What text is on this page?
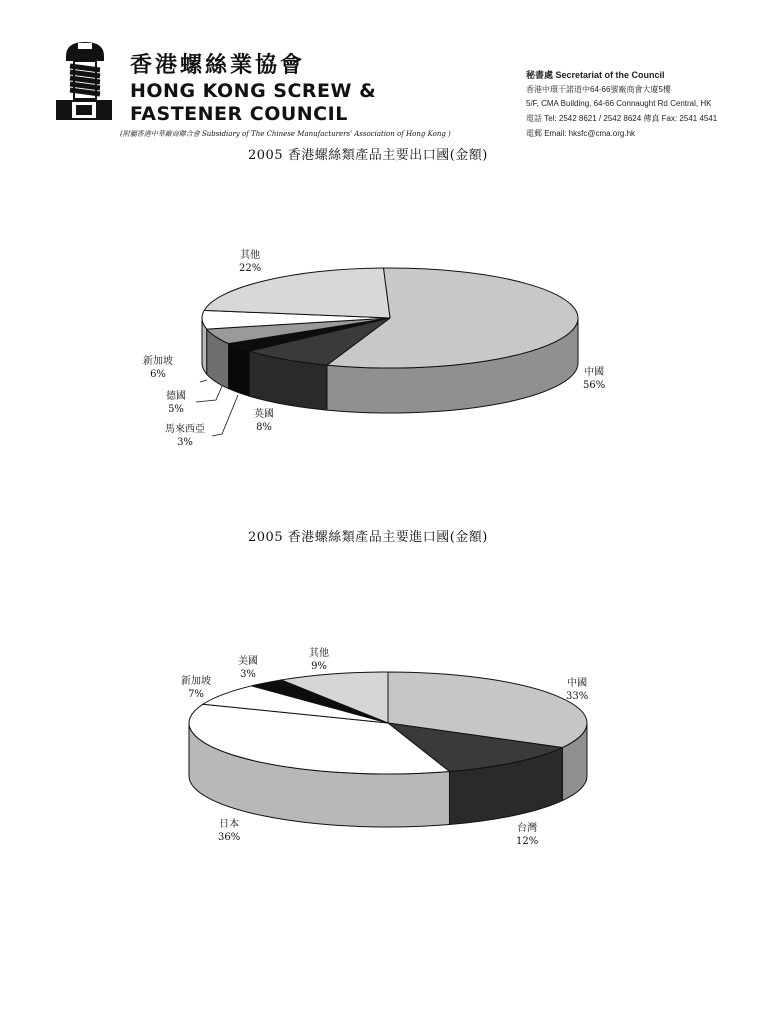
香港螺絲業協會
HONG KONG SCREW &
FASTENER COUNCIL
(附屬香港中華廠商聯合會 Subsidiary of The Chinese Manufacturers' Association of Hong Kong )
秘書處 Secretariat of the Council
香港中環干諾道中64-66號廠商會大廈5樓
5/F, CMA Building, 64-66 Connaught Rd Central, HK
電話 Tel: 2542 8621 / 2542 8624 傳真 Fax: 2541 4541
電郵 Email: hksfc@cma.org.hk
2005 香港螺絲類產品主要出口國(金額)
2005 香港螺絲類產品主要進口國(金額)
其他
22%
中國
56%
英國
8%
馬來西亞
3%
德國
5%
新加坡
6%
中國
33%
台灣
12%
日本
36%
新加坡
7%
美國
3%
其他
9%
